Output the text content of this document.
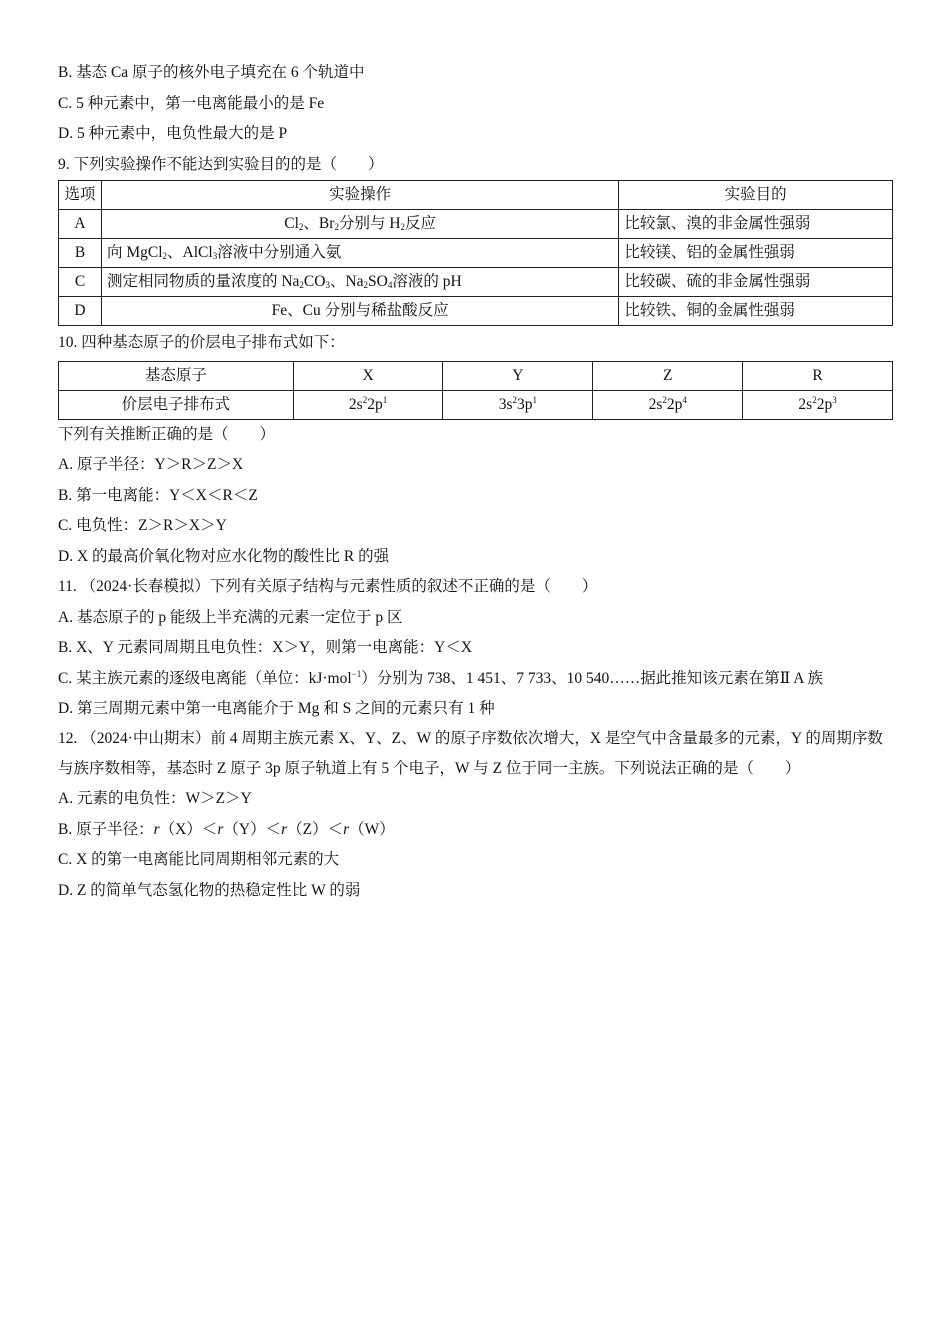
B. 基态 Ca 原子的核外电子填充在 6 个轨道中
C. 5 种元素中，第一电离能最小的是 Fe
D. 5 种元素中，电负性最大的是 P
9. 下列实验操作不能达到实验目的的是（　　）
选项	实验操作	实验目的
A	$Cl_2$、$Br_2$分别与 $H_2$反应	比较氯、溴的非金属性强弱
B	向 MgCl$_2$、AlCl$_3$溶液中分别通入氨	比较镁、铝的金属性强弱
C	测定相同物质的量浓度的 $Na_2CO_3$、$Na_2SO_4$溶液的 pH	比较碳、硫的非金属性强弱
D	Fe、Cu 分别与稀盐酸反应	比较铁、铜的金属性强弱
10. 四种基态原子的价层电子排布式如下：
基态原子	X	Y	Z	R
价层电子排布式	$2s^22p^1$	$3s^23p^1$	$2s^22p^4$	$2s^22p^3$
下列有关推断正确的是（　　）
A. 原子半径：Y＞R＞Z＞X
B. 第一电离能：Y＜X＜R＜Z
C. 电负性：Z＞R＞X＞Y
D. X 的最高价氧化物对应水化物的酸性比 R 的强
11. （2024·长春模拟）下列有关原子结构与元素性质的叙述不正确的是（　　）
A. 基态原子的 p 能级上半充满的元素一定位于 p 区
B. X、Y 元素同周期且电负性：X＞Y，则第一电离能：Y＜X
C. 某主族元素的逐级电离能（单位：kJ·mol$^{-1}$）分别为 738、1 451、7 733、10 540……据此推知该元素在第Ⅱ A 族
D. 第三周期元素中第一电离能介于 Mg 和 S 之间的元素只有 1 种
12. （2024·中山期末）前 4 周期主族元素 X、Y、Z、W 的原子序数依次增大，X 是空气中含量最多的元素，Y 的周期序数与族序数相等，基态时 Z 原子 3p 原子轨道上有 5 个电子，W 与 Z 位于同一主族。下列说法正确的是（　　）
A. 元素的电负性：W＞Z＞Y
B. 原子半径：r（X）＜r（Y）＜r（Z）＜r（W）
C. X 的第一电离能比同周期相邻元素的大
D. Z 的简单气态氢化物的热稳定性比 W 的弱
